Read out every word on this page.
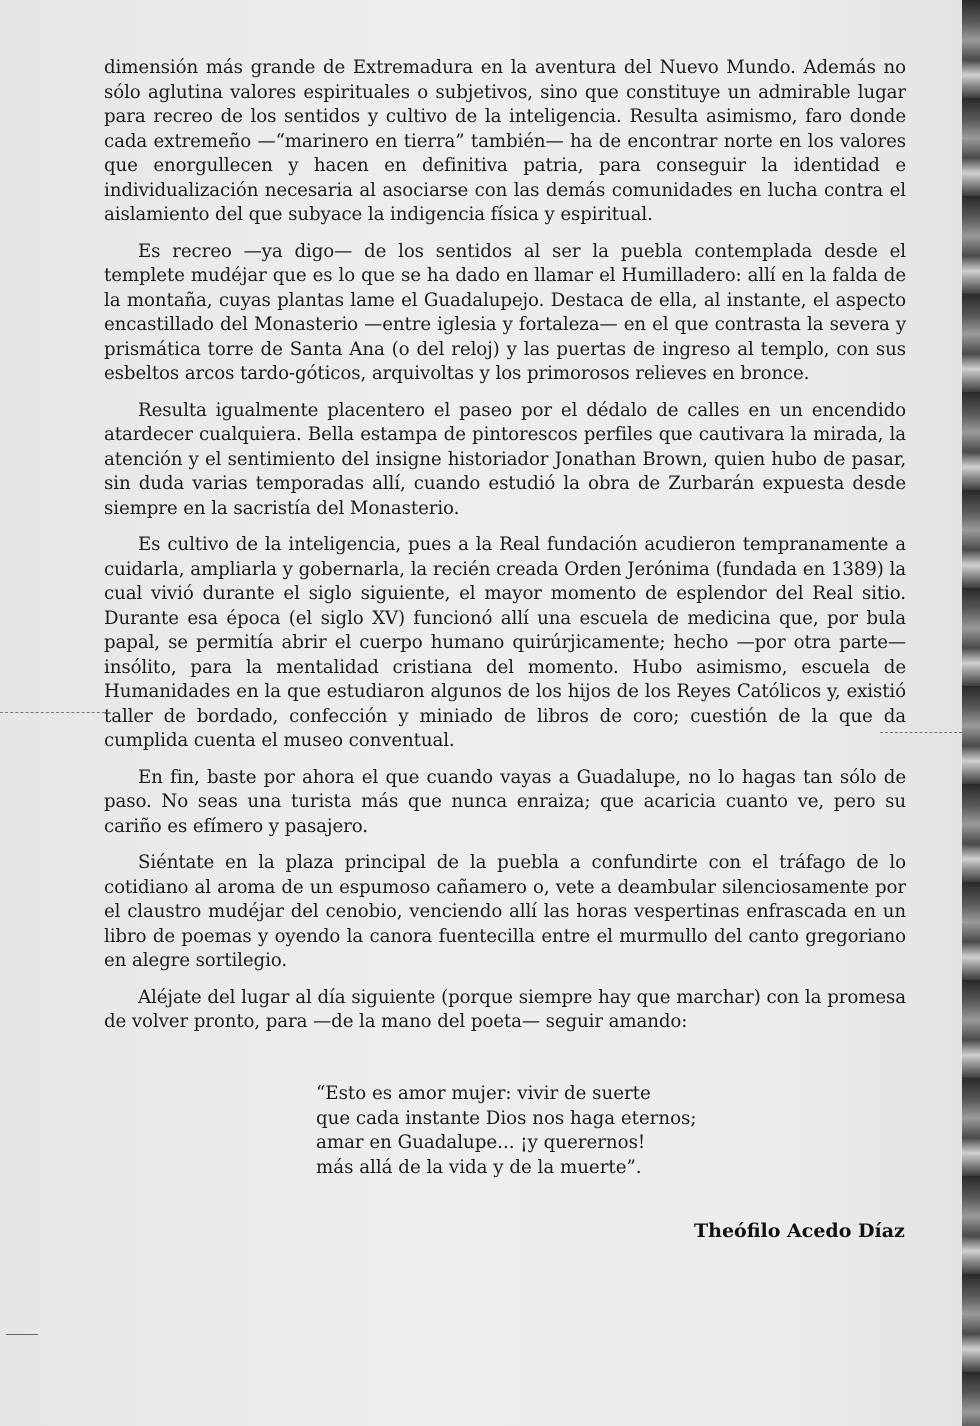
dimensión más grande de Extremadura en la aventura del Nuevo Mundo. Además no sólo aglutina valores espirituales o subjetivos, sino que constituye un admirable lugar para recreo de los sentidos y cultivo de la inteligencia. Resulta asimismo, faro donde cada extremeño —“marinero en tierra” también— ha de encontrar norte en los valores que enorgullecen y hacen en definitiva patria, para conseguir la identidad e individualización necesaria al asociarse con las demás comunidades en lucha contra el aislamiento del que subyace la indigencia física y espiritual.

Es recreo —ya digo— de los sentidos al ser la puebla contemplada desde el templete mudéjar que es lo que se ha dado en llamar el Humilladero: allí en la falda de la montaña, cuyas plantas lame el Guadalupejo. Destaca de ella, al instante, el aspecto encastillado del Monasterio —entre iglesia y fortaleza— en el que contrasta la severa y prismática torre de Santa Ana (o del reloj) y las puertas de ingreso al templo, con sus esbeltos arcos tardo-góticos, arquivoltas y los primorosos relieves en bronce.

Resulta igualmente placentero el paseo por el dédalo de calles en un encendido atardecer cualquiera. Bella estampa de pintorescos perfiles que cautivara la mirada, la atención y el sentimiento del insigne historiador Jonathan Brown, quien hubo de pasar, sin duda varias temporadas allí, cuando estudió la obra de Zurbarán expuesta desde siempre en la sacristía del Monasterio.

Es cultivo de la inteligencia, pues a la Real fundación acudieron tempranamente a cuidarla, ampliarla y gobernarla, la recién creada Orden Jerónima (fundada en 1389) la cual vivió durante el siglo siguiente, el mayor momento de esplendor del Real sitio. Durante esa época (el siglo XV) funcionó allí una escuela de medicina que, por bula papal, se permitía abrir el cuerpo humano quirúrjicamente; hecho —por otra parte— insólito, para la mentalidad cristiana del momento. Hubo asimismo, escuela de Humanidades en la que estudiaron algunos de los hijos de los Reyes Católicos y, existió taller de bordado, confección y miniado de libros de coro; cuestión de la que da cumplida cuenta el museo conventual.

En fin, baste por ahora el que cuando vayas a Guadalupe, no lo hagas tan sólo de paso. No seas una turista más que nunca enraiza; que acaricia cuanto ve, pero su cariño es efímero y pasajero.

Siéntate en la plaza principal de la puebla a confundirte con el tráfago de lo cotidiano al aroma de un espumoso cañamero o, vete a deambular silenciosamente por el claustro mudéjar del cenobio, venciendo allí las horas vespertinas enfrascada en un libro de poemas y oyendo la canora fuentecilla entre el murmullo del canto gregoriano en alegre sortilegio.

Aléjate del lugar al día siguiente (porque siempre hay que marchar) con la promesa de volver pronto, para —de la mano del poeta— seguir amando:

“Esto es amor mujer: vivir de suerte
que cada instante Dios nos haga eternos;
amar en Guadalupe... ¡y querernos!
más allá de la vida y de la muerte”.
Theófilo Acedo Díaz
